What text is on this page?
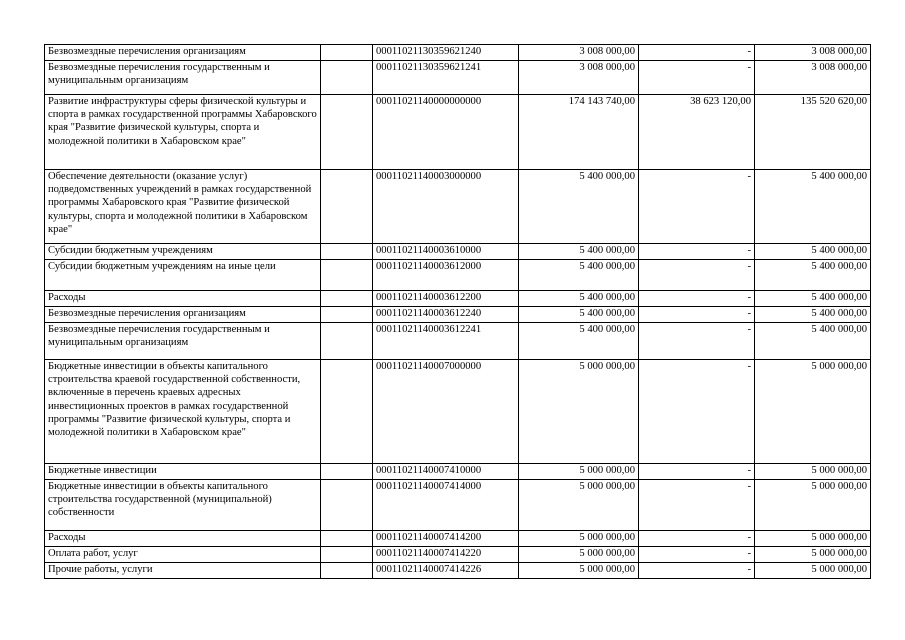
Безвозмездные перечисления организациям		00011021130359621240	3 008 000,00	-	3 008 000,00
Безвозмездные перечисления государственным и муниципальным организациям		00011021130359621241	3 008 000,00	-	3 008 000,00
Развитие инфраструктуры сферы физической культуры и спорта в рамках государственной программы Хабаровского края "Развитие физической культуры, спорта и молодежной политики в Хабаровском крае"		00011021140000000000	174 143 740,00	38 623 120,00	135 520 620,00
Обеспечение деятельности (оказание услуг) подведомственных учреждений в рамках государственной программы Хабаровского края "Развитие физической культуры, спорта и молодежной политики в Хабаровском крае"		00011021140003000000	5 400 000,00	-	5 400 000,00
Субсидии бюджетным учреждениям		00011021140003610000	5 400 000,00	-	5 400 000,00
Субсидии бюджетным учреждениям на иные цели		00011021140003612000	5 400 000,00	-	5 400 000,00
Расходы		00011021140003612200	5 400 000,00	-	5 400 000,00
Безвозмездные перечисления организациям		00011021140003612240	5 400 000,00	-	5 400 000,00
Безвозмездные перечисления государственным и муниципальным организациям		00011021140003612241	5 400 000,00	-	5 400 000,00
Бюджетные инвестиции в объекты капитального строительства краевой государственной собственности, включенные в перечень краевых адресных инвестиционных проектов в рамках государственной программы "Развитие физической культуры, спорта и молодежной политики в Хабаровском крае"		00011021140007000000	5 000 000,00	-	5 000 000,00
Бюджетные инвестиции		00011021140007410000	5 000 000,00	-	5 000 000,00
Бюджетные инвестиции в объекты капитального строительства государственной (муниципальной) собственности		00011021140007414000	5 000 000,00	-	5 000 000,00
Расходы		00011021140007414200	5 000 000,00	-	5 000 000,00
Оплата работ, услуг		00011021140007414220	5 000 000,00	-	5 000 000,00
Прочие работы, услуги		00011021140007414226	5 000 000,00	-	5 000 000,00
